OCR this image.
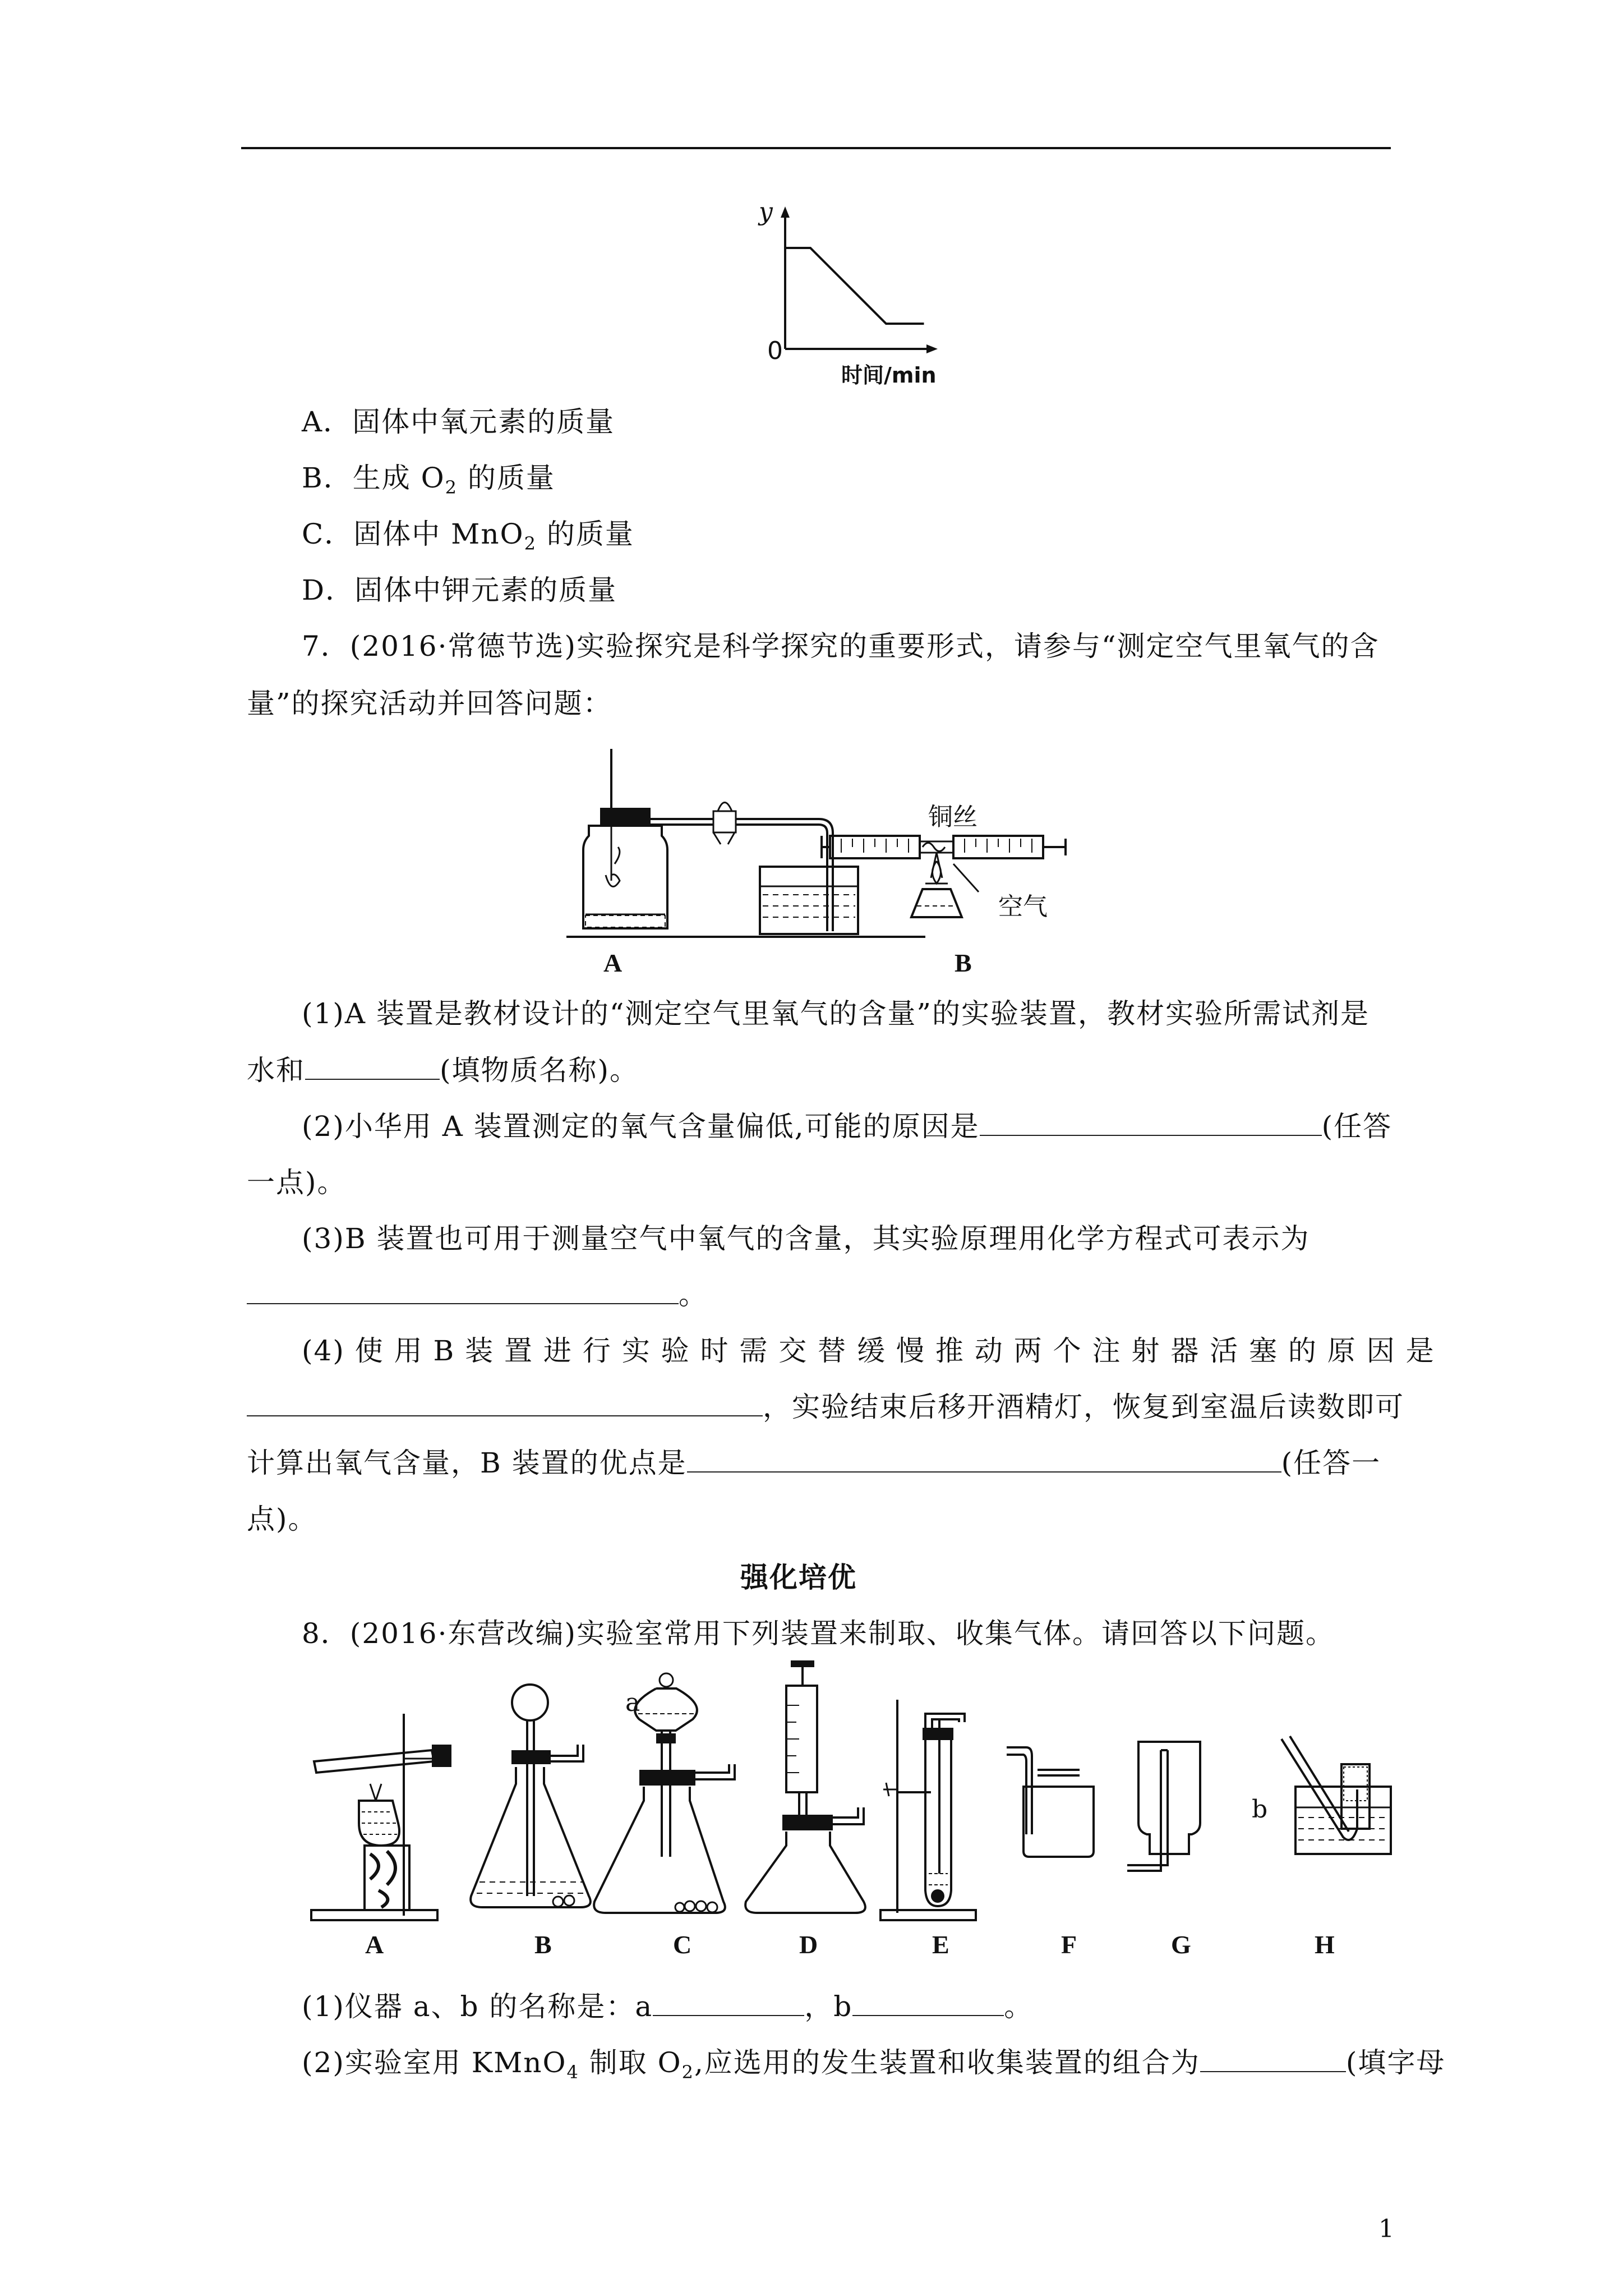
y
0
时间/min
A．固体中氧元素的质量
B．生成 $O_2$ 的质量
C．固体中 MnO$_2$ 的质量
D．固体中钾元素的质量
7．(2016·常德节选)实验探究是科学探究的重要形式，请参与“测定空气里氧气的含
量”的探究活动并回答问题：
A
铜丝
空气
B
(1)A 装置是教材设计的“测定空气里氧气的含量”的实验装置，教材实验所需试剂是
水和	(填物质名称)。
(2)小华用 A 装置测定的氧气含量偏低,可能的原因是	(任答
一点)。
(3)B 装置也可用于测量空气中氧气的含量，其实验原理用化学方程式可表示为
。
(4) 使 用 B 装 置 进 行 实 验 时 需 交 替 缓 慢 推 动 两 个 注 射 器 活 塞 的 原 因 是
，实验结束后移开酒精灯，恢复到室温后读数即可
计算出氧气含量，B 装置的优点是	(任答一
点)。
强化培优
8．(2016·东营改编)实验室常用下列装置来制取、收集气体。请回答以下问题。
a
b
A	B	C	D	E	F	G	H
(1)仪器 a、b 的名称是：a	，b	。
(2)实验室用 KMnO$_4$ 制取 $O_2$,应选用的发生装置和收集装置的组合为	(填字母
1
